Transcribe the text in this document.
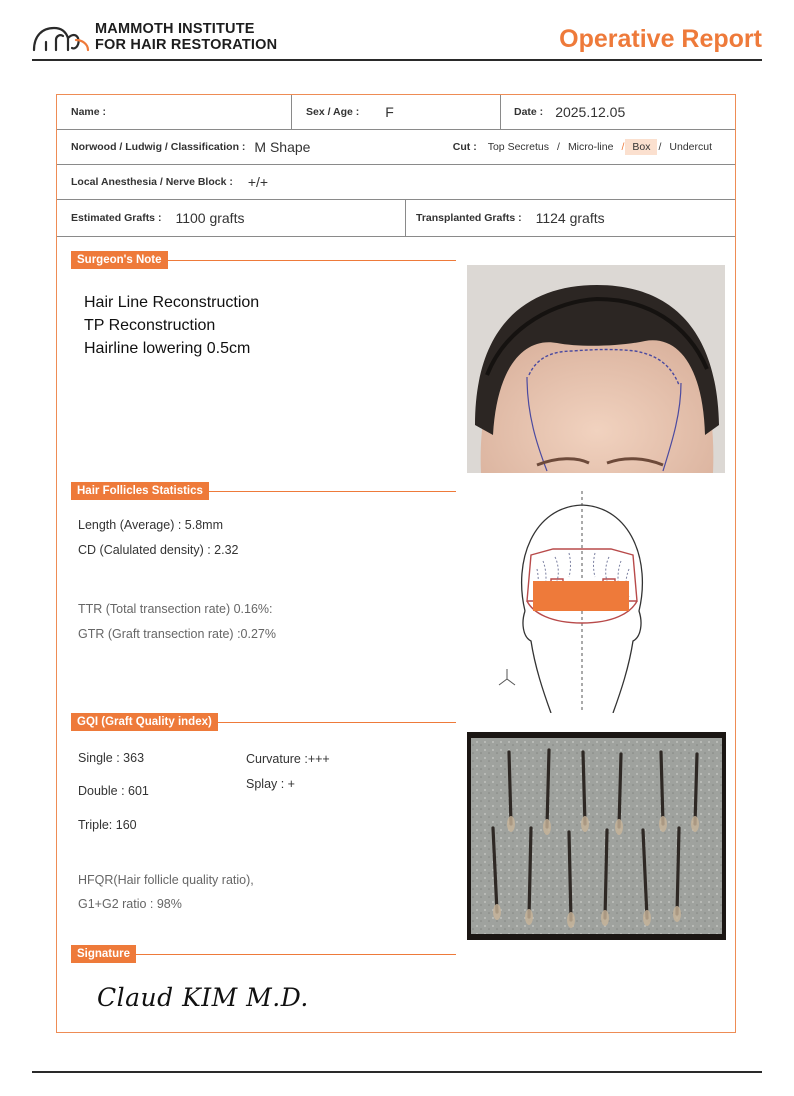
MAMMOTH INSTITUTE
FOR HAIR RESTORATION	Operative Report
Name :	Sex / Age : F	Date : 2025.12.05
Norwood / Ludwig / Classification : M Shape	Cut :	Top Secretus / Micro-line / Box / Undercut
Local Anesthesia / Nerve Block : +/+
Estimated Grafts : 1100 grafts	Transplanted Grafts : 1124 grafts
Surgeon's Note
Hair Line Reconstruction
TP Reconstruction
Hairline lowering 0.5cm
Hair Follicles Statistics
Length (Average) : 5.8mm
CD (Calulated density) : 2.32
TTR (Total transection rate) 0.16%:
GTR (Graft transection rate) :0.27%
GQI (Graft Quality index)
Single : 363
Double : 601
Triple: 160
Curvature :+++
Splay : +
HFQR(Hair follicle quality ratio),
G1+G2 ratio : 98%
Signature
Claud KIM M.D.
